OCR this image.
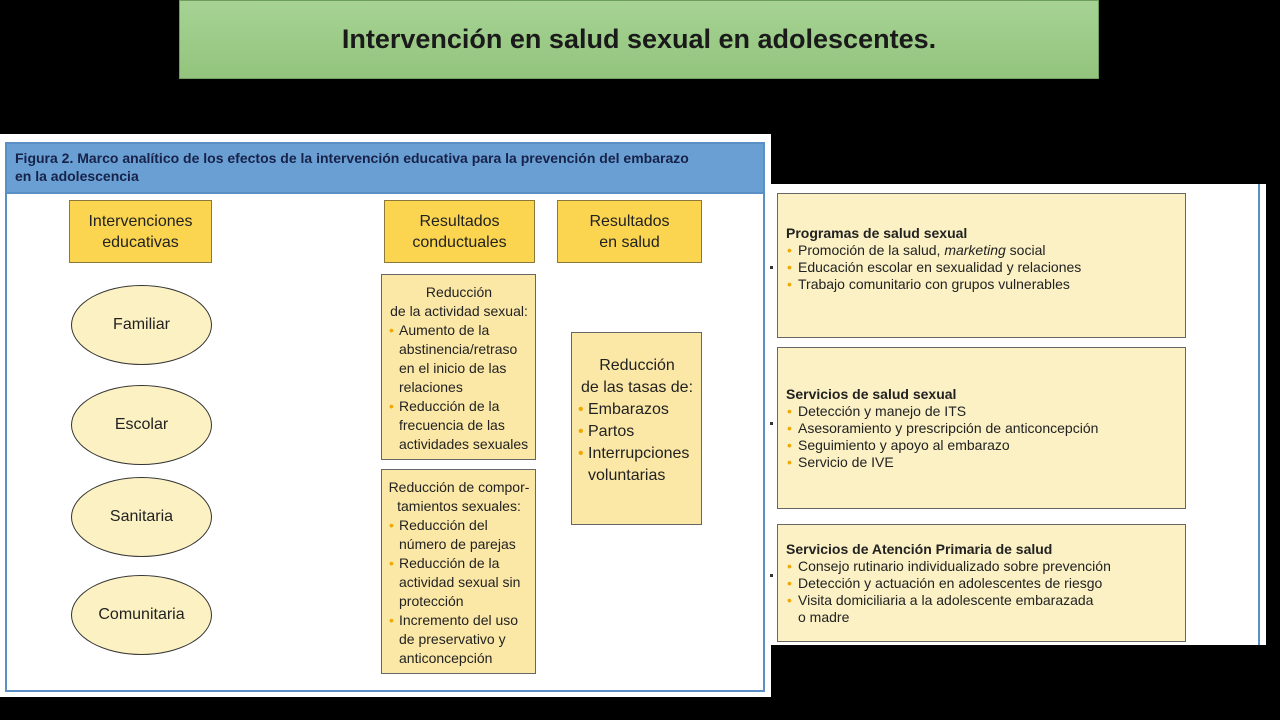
Intervención en salud sexual en adolescentes.
Figura 2. Marco analítico de los efectos de la intervención educativa para la prevención del embarazo
en la adolescencia
Intervenciones
educativas
Resultados
conductuales
Resultados
en salud
Familiar
Escolar
Sanitaria
Comunitaria
Reducción
de la actividad sexual:
• Aumento de la
abstinencia/retraso
en el inicio de las
relaciones
• Reducción de la
frecuencia de las
actividades sexuales
Reducción de compor-
tamientos sexuales:
• Reducción del
número de parejas
• Reducción de la
actividad sexual sin
protección
• Incremento del uso
de preservativo y
anticoncepción
Reducción
de las tasas de:
• Embarazos
• Partos
• Interrupciones
voluntarias
Programas de salud sexual
• Promoción de la salud, marketing social
• Educación escolar en sexualidad y relaciones
• Trabajo comunitario con grupos vulnerables
Servicios de salud sexual
• Detección y manejo de ITS
• Asesoramiento y prescripción de anticoncepción
• Seguimiento y apoyo al embarazo
• Servicio de IVE
Servicios de Atención Primaria de salud
• Consejo rutinario individualizado sobre prevención
• Detección y actuación en adolescentes de riesgo
• Visita domiciliaria a la adolescente embarazada
o madre
